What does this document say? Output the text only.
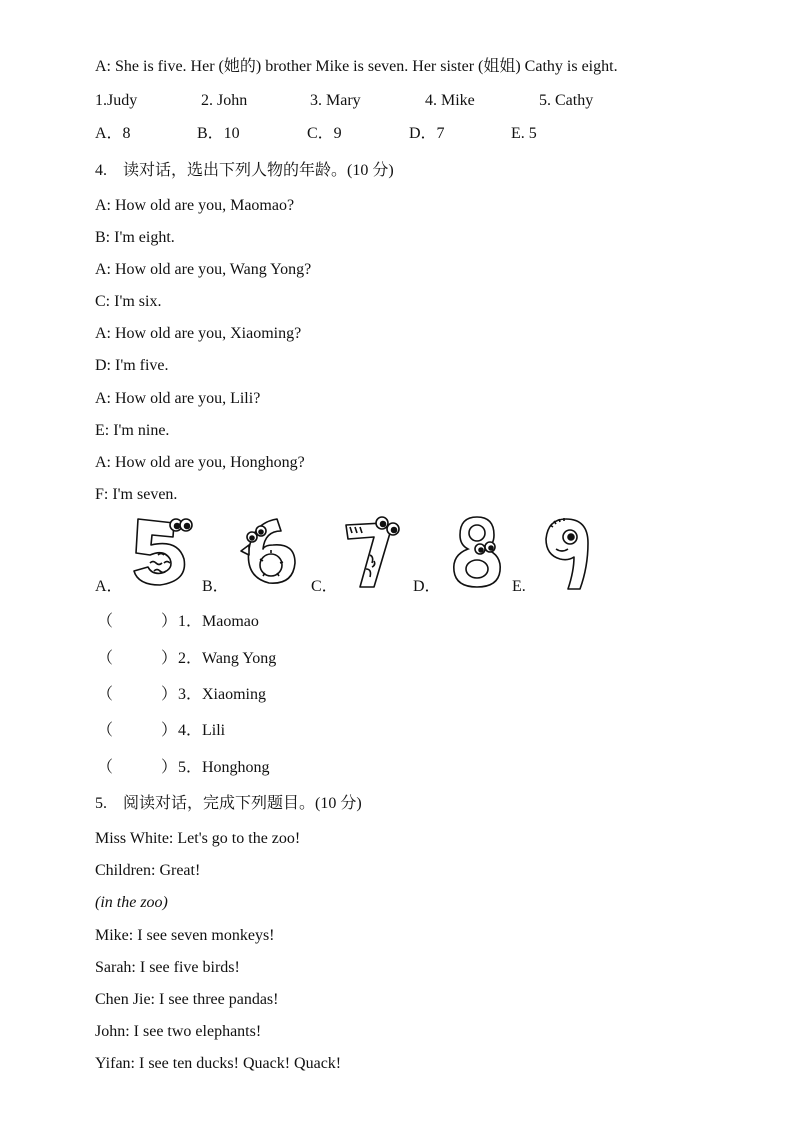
A: She is five. Her (她的) brother Mike is seven. Her sister (姐姐) Cathy is eight.
1.Judy	2. John	3. Mary	4. Mike	5. Cathy
A．8	B．10	C．9	D．7	E. 5
4.　读对话，选出下列人物的年龄。(10 分)
A: How old are you, Maomao?
B: I'm eight.
A: How old are you, Wang Yong?
C: I'm six.
A: How old are you, Xiaoming?
D: I'm five.
A: How old are you, Lili?
E: I'm nine.
A: How old are you, Honghong?
F: I'm seven.
A．	B．	C．	D．	E.
（　　　） 1．Maomao
（　　　） 2．Wang Yong
（　　　） 3．Xiaoming
（　　　） 4．Lili
（　　　） 5．Honghong
5.　阅读对话，完成下列题目。(10 分)
Miss White: Let's go to the zoo!
Children: Great!
(in the zoo)
Mike: I see seven monkeys!
Sarah: I see five birds!
Chen Jie: I see three pandas!
John: I see two elephants!
Yifan: I see ten ducks! Quack! Quack!
